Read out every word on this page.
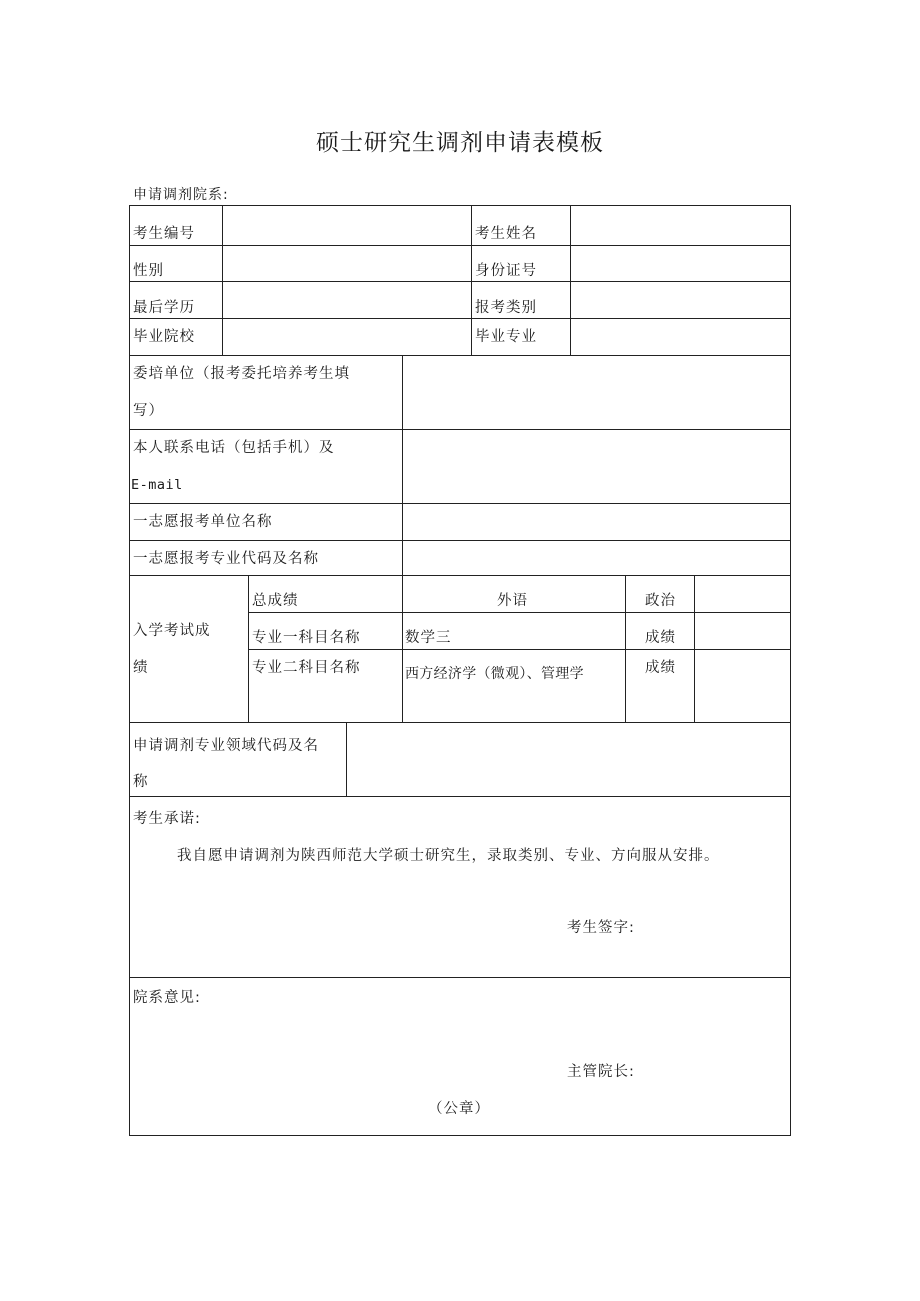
硕士研究生调剂申请表模板
申请调剂院系:
考生编号	考生姓名
性别	身份证号
最后学历	报考类别
毕业院校	毕业专业
委培单位（报考委托培养考生填
写）
本人联系电话（包括手机）及
E-mail
一志愿报考单位名称
一志愿报考专业代码及名称
入学考试成
绩
总成绩	外语	政治
专业一科目名称	数学三	成绩
专业二科目名称	西方经济学（微观）、管理学	成绩
申请调剂专业领域代码及名
称
考生承诺:
我自愿申请调剂为陕西师范大学硕士研究生，录取类别、专业、方向服从安排。
考生签字:
院系意见:
主管院长:
（公章）
